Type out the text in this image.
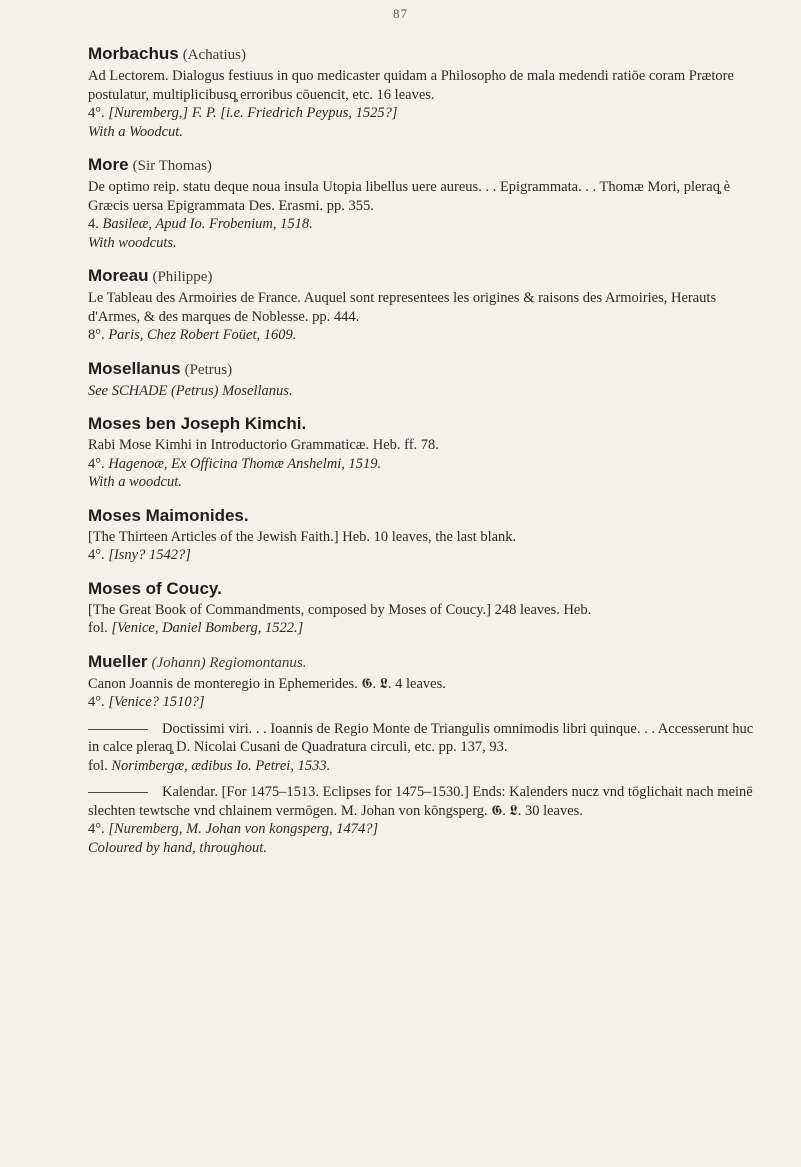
87
Morbachus (Achatius)
Ad Lectorem. Dialogus festiuus in quo medicaster quidam a Philosopho de mala medendi ratiōe coram Prætore postulatur, multiplicibusq̧ erroribus cōuencit, etc. 16 leaves.
4°. [Nuremberg,] F. P. [i.e. Friedrich Peypus, 1525?]
With a Woodcut.
More (Sir Thomas)
De optimo reip. statu deque noua insula Utopia libellus uere aureus. . . Epigrammata. . . Thomæ Mori, pleraq̧ è Græcis uersa Epigrammata Des. Erasmi. pp. 355.
4. Basileæ, Apud Io. Frobenium, 1518.
With woodcuts.
Moreau (Philippe)
Le Tableau des Armoiries de France. Auquel sont representees les origines & raisons des Armoiries, Herauts d'Armes, & des marques de Noblesse. pp. 444.
8°. Paris, Chez Robert Foüet, 1609.
Mosellanus (Petrus)
See SCHADE (Petrus) Mosellanus.
Moses ben Joseph Kimchi.
Rabi Mose Kimhi in Introductorio Grammaticæ. Heb. ff. 78.
4°. Hagenoæ, Ex Officina Thomæ Anshelmi, 1519.
With a woodcut.
Moses Maimonides.
[The Thirteen Articles of the Jewish Faith.] Heb. 10 leaves, the last blank.
4°. [Isny? 1542?]
Moses of Coucy.
[The Great Book of Commandments, composed by Moses of Coucy.] 248 leaves. Heb.
fol. [Venice, Daniel Bomberg, 1522.]
Mueller (Johann) Regiomontanus.
Canon Joannis de monteregio in Ephemerides. 𝕲. 𝕷. 4 leaves.
4°. [Venice? 1510?]
Doctissimi viri. . . Ioannis de Regio Monte de Triangulis omnimodis libri quinque. . . Accesserunt huc in calce pleraq̧ D. Nicolai Cusani de Quadratura circuli, etc. pp. 137, 93.
fol. Norimbergæ, ædibus Io. Petrei, 1533.
Kalendar. [For 1475–1513. Eclipses for 1475–1530.] Ends: Kalenders nucz vnd tōglichait nach meinē slechten tewtsche vnd chlainem vermōgen. M. Johan von kōngsperg. 𝕲. 𝕷. 30 leaves.
4°. [Nuremberg, M. Johan von kongsperg, 1474?]
Coloured by hand, throughout.
